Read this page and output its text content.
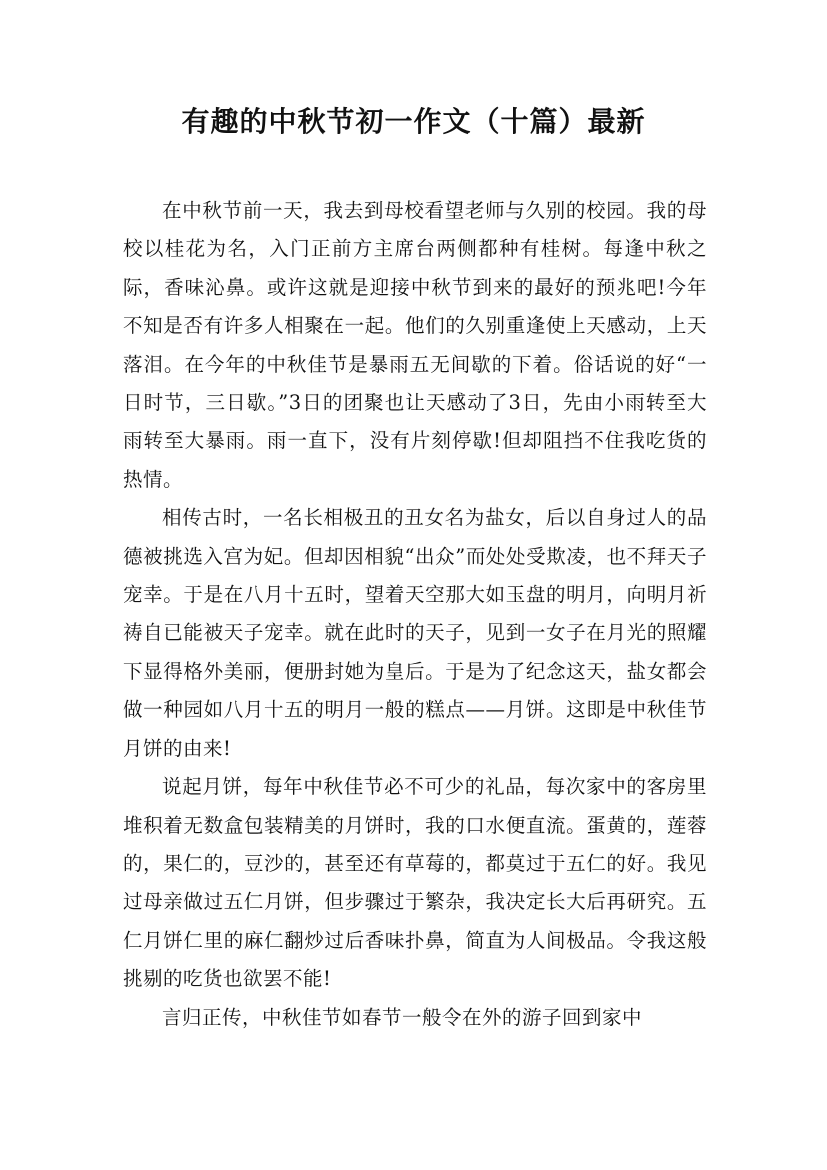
有趣的中秋节初一作文（十篇）最新

在中秋节前一天，我去到母校看望老师与久别的校园。我的母校以桂花为名，入门正前方主席台两侧都种有桂树。每逢中秋之际，香味沁鼻。或许这就是迎接中秋节到来的最好的预兆吧!今年不知是否有许多人相聚在一起。他们的久别重逢使上天感动，上天落泪。在今年的中秋佳节是暴雨五无间歇的下着。俗话说的好“一日时节，三日歇。”3日的团聚也让天感动了3日，先由小雨转至大雨转至大暴雨。雨一直下，没有片刻停歇!但却阻挡不住我吃货的热情。

相传古时，一名长相极丑的丑女名为盐女，后以自身过人的品德被挑选入宫为妃。但却因相貌“出众”而处处受欺凌，也不拜天子宠幸。于是在八月十五时，望着天空那大如玉盘的明月，向明月祈祷自已能被天子宠幸。就在此时的天子，见到一女子在月光的照耀下显得格外美丽，便册封她为皇后。于是为了纪念这天，盐女都会做一种园如八月十五的明月一般的糕点——月饼。这即是中秋佳节月饼的由来!

说起月饼，每年中秋佳节必不可少的礼品，每次家中的客房里堆积着无数盒包装精美的月饼时，我的口水便直流。蛋黄的，莲蓉的，果仁的，豆沙的，甚至还有草莓的，都莫过于五仁的好。我见过母亲做过五仁月饼，但步骤过于繁杂，我决定长大后再研究。五仁月饼仁里的麻仁翻炒过后香味扑鼻，简直为人间极品。令我这般挑剔的吃货也欲罢不能!

言归正传，中秋佳节如春节一般令在外的游子回到家中
